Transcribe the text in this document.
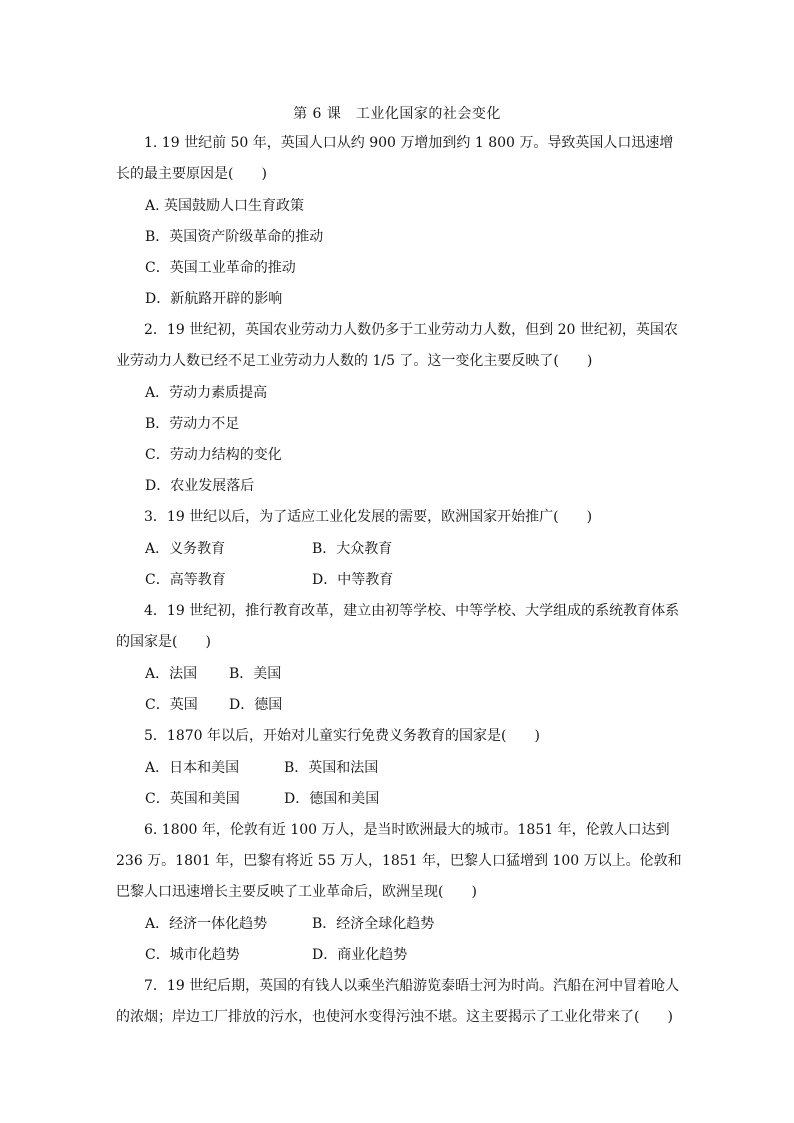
第 6 课　工业化国家的社会变化

1. 19 世纪前 50 年，英国人口从约 900 万增加到约 1 800 万。导致英国人口迅速增长的最主要原因是(　　)

A. 英国鼓励人口生育政策
B．英国资产阶级革命的推动
C．英国工业革命的推动
D．新航路开辟的影响

2．19 世纪初，英国农业劳动力人数仍多于工业劳动力人数，但到 20 世纪初，英国农业劳动力人数已经不足工业劳动力人数的 1/5 了。这一变化主要反映了(　　)

A．劳动力素质提高
B．劳动力不足
C．劳动力结构的变化
D．农业发展落后

3．19 世纪以后，为了适应工业化发展的需要，欧洲国家开始推广(　　)

A．义务教育	B．大众教育
C．高等教育	D．中等教育

4．19 世纪初，推行教育改革，建立由初等学校、中等学校、大学组成的系统教育体系的国家是(　　)

A．法国 B．美国
C．英国 D．德国

5．1870 年以后，开始对儿童实行免费义务教育的国家是(　　)

A．日本和美国	B．英国和法国
C．英国和美国	D．德国和美国

6. 1800 年，伦敦有近 100 万人，是当时欧洲最大的城市。1851 年，伦敦人口达到 236 万。1801 年，巴黎有将近 55 万人，1851 年，巴黎人口猛增到 100 万以上。伦敦和巴黎人口迅速增长主要反映了工业革命后，欧洲呈现(　　)

A．经济一体化趋势	B．经济全球化趋势
C．城市化趋势	D．商业化趋势

7．19 世纪后期，英国的有钱人以乘坐汽船游览泰晤士河为时尚。汽船在河中冒着呛人的浓烟；岸边工厂排放的污水，也使河水变得污浊不堪。这主要揭示了工业化带来了(　　)
